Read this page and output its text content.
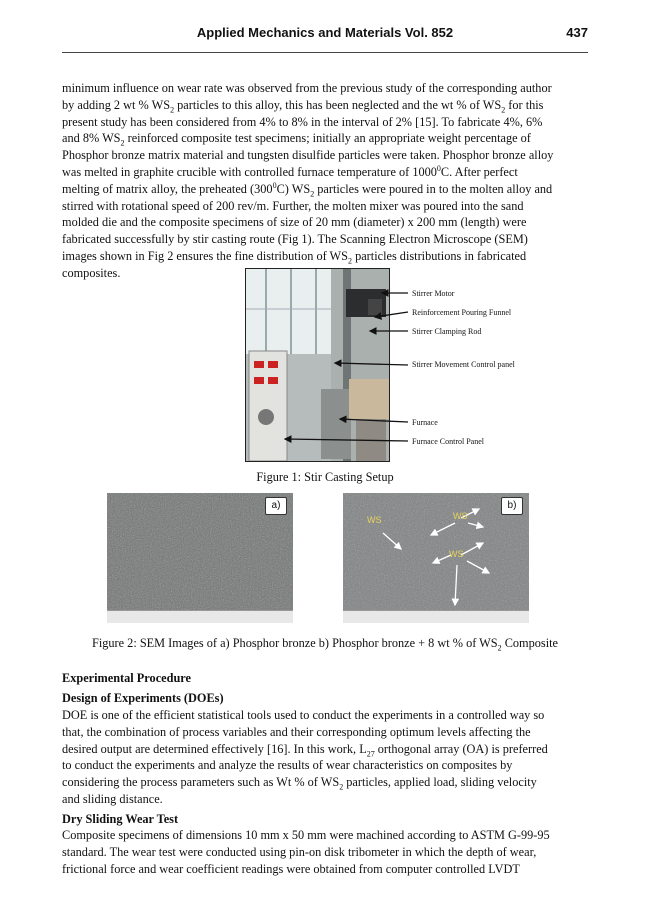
Applied Mechanics and Materials Vol. 852	437
minimum influence on wear rate was observed from the previous study of the corresponding author
by adding 2 wt % $WS_2$ particles to this alloy, this has been neglected and the wt % of $WS_2$ for this
present study has been considered from 4% to 8% in the interval of 2% [15]. To fabricate 4%, 6%
and 8% $WS_2$ reinforced composite test specimens; initially an appropriate weight percentage of
Phosphor bronze matrix material and tungsten disulfide particles were taken. Phosphor bronze alloy
was melted in graphite crucible with controlled furnace temperature of 1000$^0$C. After perfect
melting of matrix alloy, the preheated $(300^0C)$ $WS_2$ particles were poured in to the molten alloy and
stirred with rotational speed of 200 rev/m. Further, the molten mixer was poured into the sand
molded die and the composite specimens of size of 20 mm (diameter) x 200 mm (length) were
fabricated successfully by stir casting route (Fig 1). The Scanning Electron Microscope (SEM)
images shown in Fig 2 ensures the fine distribution of $WS_2$ particles distributions in fabricated
composites.
Stirrer Motor
Reinforcement Pouring Funnel
Stirrer Clamping Rod
Stirrer Movement Control panel
Furnace
Furnace Control Panel
Figure 1: Stir Casting Setup
a)
WS	WS
WS
b)
Figure 2: SEM Images of a) Phosphor bronze b) Phosphor bronze + 8 wt % of $WS_2$ Composite
Experimental Procedure
Design of Experiments (DOEs)
DOE is one of the efficient statistical tools used to conduct the experiments in a controlled way so
that, the combination of process variables and their corresponding optimum levels affecting the
desired output are determined effectively [16]. In this work, $L_{27}$ orthogonal array (OA) is preferred
to conduct the experiments and analyze the results of wear characteristics on composites by
considering the process parameters such as Wt % of $WS_2$ particles, applied load, sliding velocity
and sliding distance.
Dry Sliding Wear Test
Composite specimens of dimensions 10 mm x 50 mm were machined according to ASTM G-99-95
standard. The wear test were conducted using pin-on disk tribometer in which the depth of wear,
frictional force and wear coefficient readings were obtained from computer controlled LVDT
